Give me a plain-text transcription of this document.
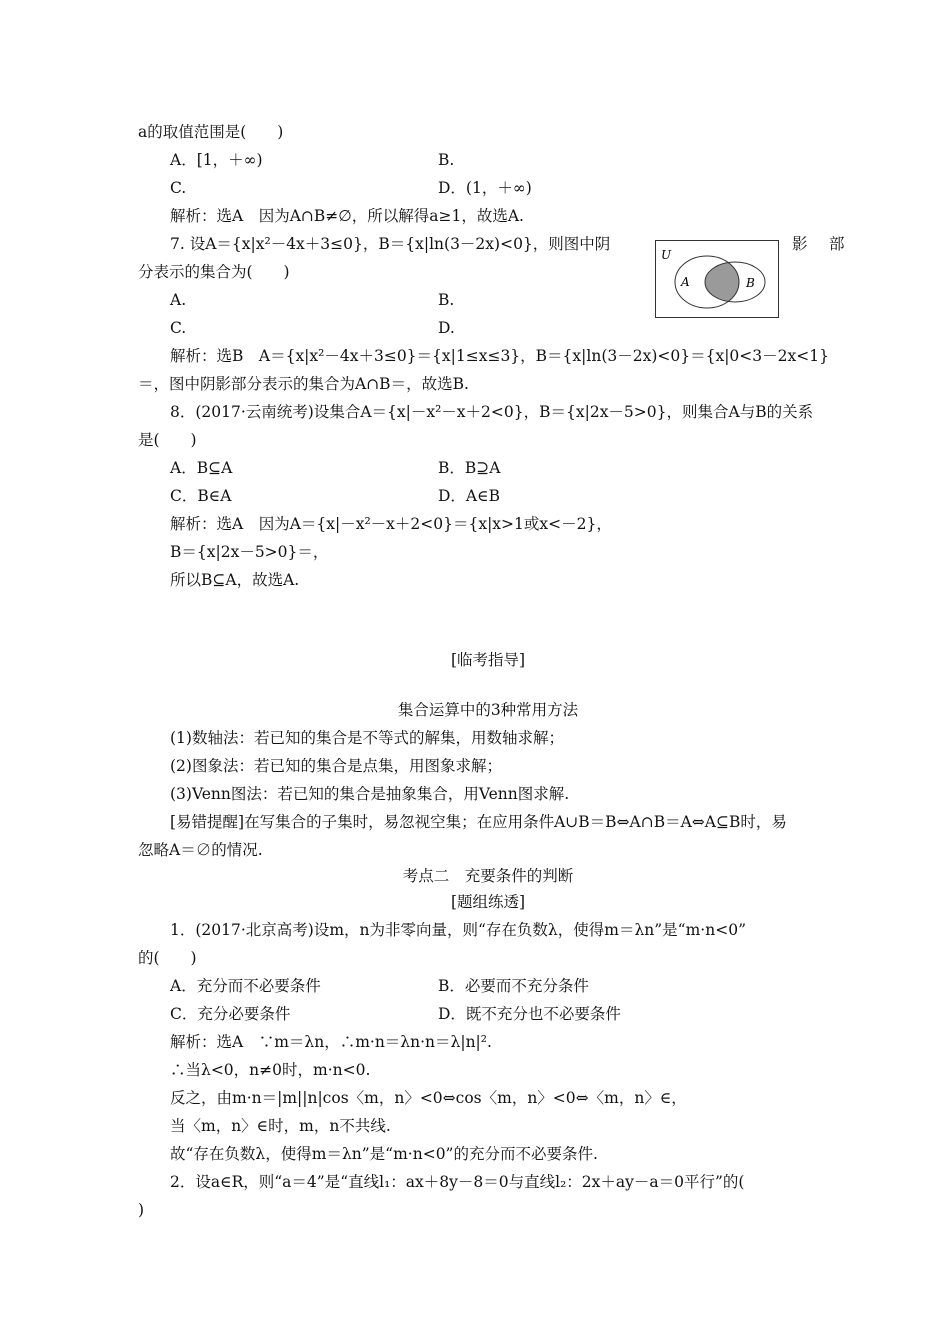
a的取值范围是(　　)
A．[1，＋∞)	B.
C.	D．(1，＋∞)
解析：选A　因为A∩B≠∅，所以解得a≥1，故选A.
7. 设A＝{x|x²－4x＋3≤0}，B＝{x|ln(3－2x)<0}，则图中阴	影　部
分表示的集合为(　　)
A.	B.
C.	D.
U
A	B
解析：选B　A＝{x|x²－4x＋3≤0}＝{x|1≤x≤3}，B＝{x|ln(3－2x)<0}＝{x|0<3－2x<1}
＝，图中阴影部分表示的集合为A∩B＝，故选B.
8．(2017·云南统考)设集合A＝{x|－x²－x＋2<0}，B＝{x|2x－5>0}，则集合A与B的关系
是(　　)
A．B⊆A	B．B⊇A
C．B∈A	D．A∈B
解析：选A　因为A＝{x|－x²－x＋2<0}＝{x|x>1或x<－2}，
B＝{x|2x－5>0}＝，
所以B⊆A，故选A.
[临考指导]
集合运算中的3种常用方法
(1)数轴法：若已知的集合是不等式的解集，用数轴求解；
(2)图象法：若已知的集合是点集，用图象求解；
(3)Venn图法：若已知的集合是抽象集合，用Venn图求解.
[易错提醒]在写集合的子集时，易忽视空集；在应用条件A∪B＝B⇔A∩B＝A⇔A⊆B时，易
忽略A＝∅的情况.
考点二　充要条件的判断
[题组练透]
1．(2017·北京高考)设m，n为非零向量，则“存在负数λ，使得m＝λn”是“m·n<0”
的(　　)
A．充分而不必要条件	B．必要而不充分条件
C．充分必要条件	D．既不充分也不必要条件
解析：选A　∵m＝λn，∴m·n＝λn·n＝λ|n|².
∴当λ<0，n≠0时，m·n<0.
反之，由m·n＝|m||n|cos〈m，n〉<0⇔cos〈m，n〉<0⇔〈m，n〉∈，
当〈m，n〉∈时，m，n不共线.
故“存在负数λ，使得m＝λn”是“m·n<0”的充分而不必要条件.
2．设a∈R，则“a＝4”是“直线l₁：ax＋8y－8＝0与直线l₂：2x＋ay－a＝0平行”的(
)
